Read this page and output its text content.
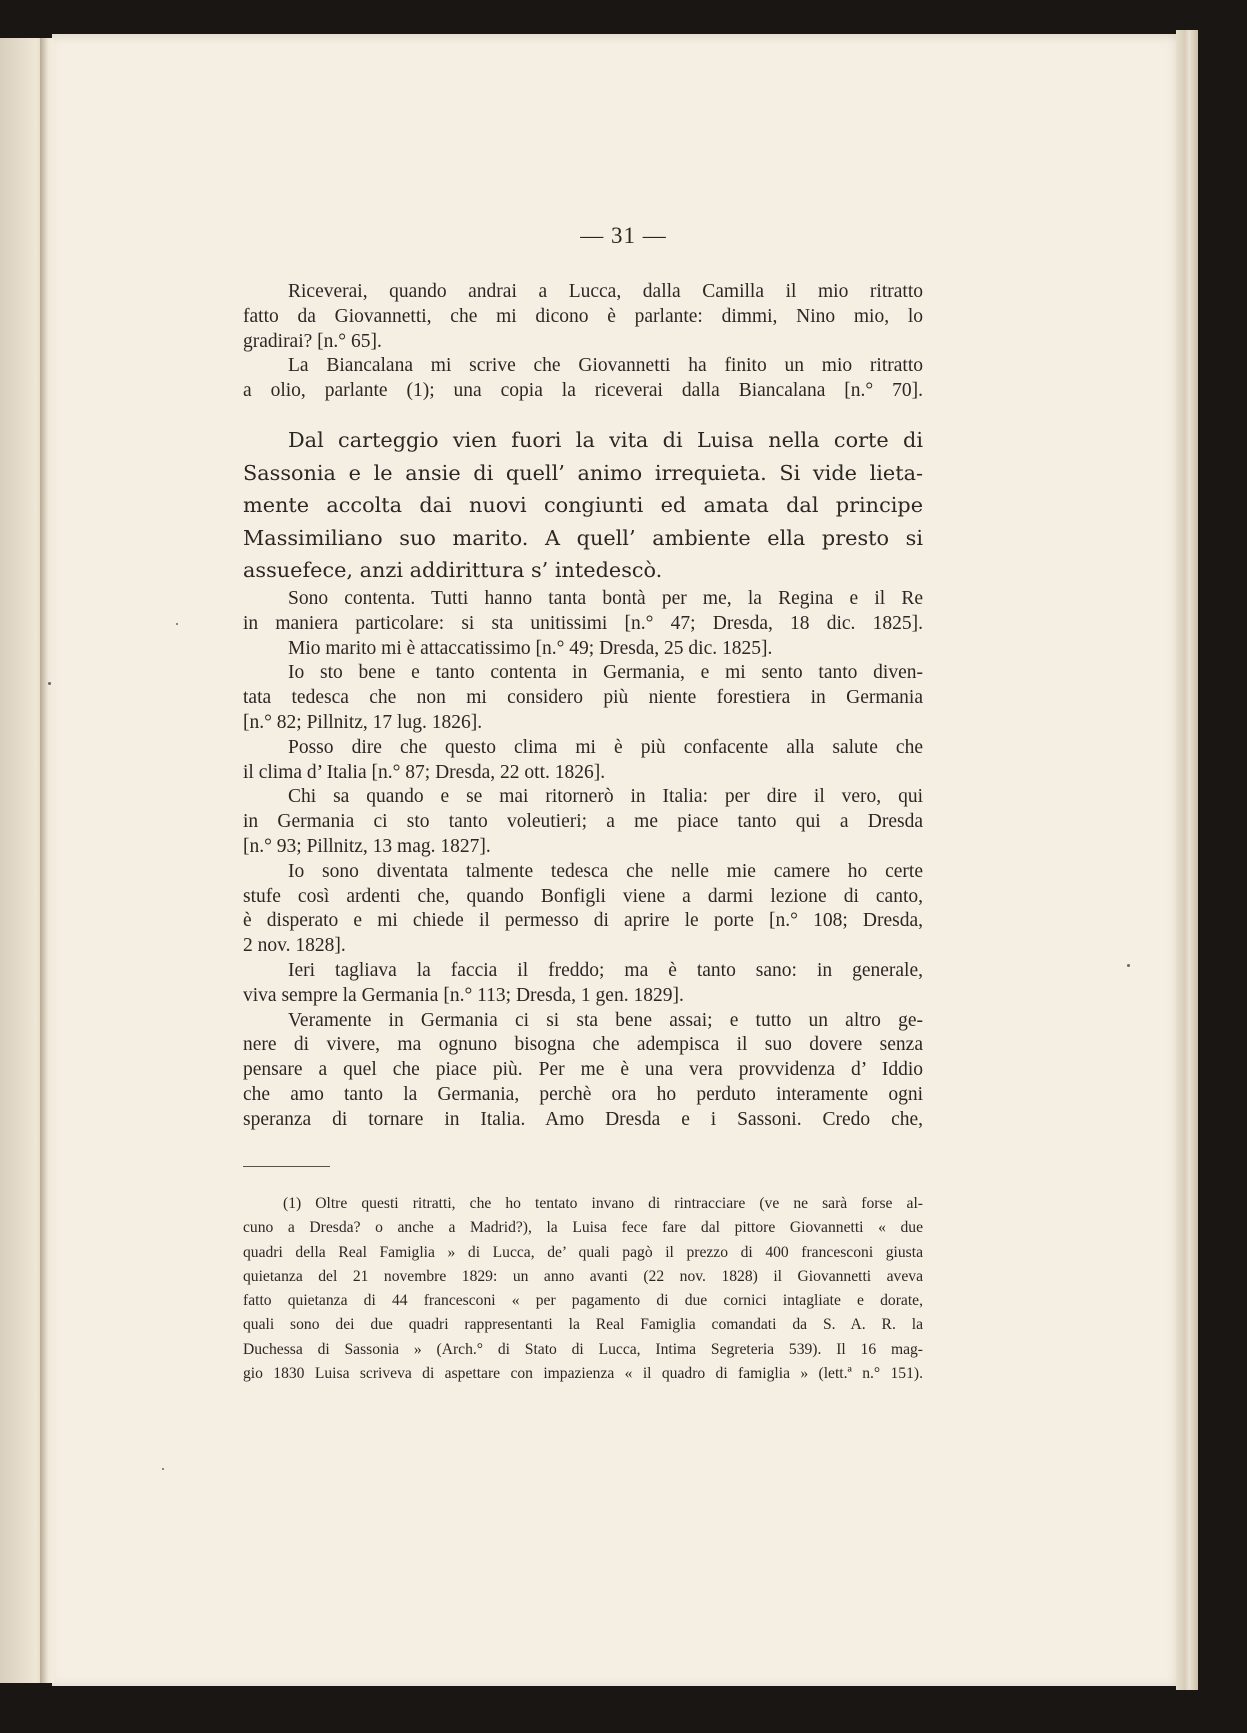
— 31 —
Riceverai, quando andrai a Lucca, dalla Camilla il mio ritratto
fatto da Giovannetti, che mi dicono è parlante: dimmi, Nino mio, lo
gradirai? [n.° 65].
La Biancalana mi scrive che Giovannetti ha finito un mio ritratto
a olio, parlante (1); una copia la riceverai dalla Biancalana [n.° 70].
Dal carteggio vien fuori la vita di Luisa nella corte di
Sassonia e le ansie di quell’ animo irrequieta. Si vide lieta-
mente accolta dai nuovi congiunti ed amata dal principe
Massimiliano suo marito. A quell’ ambiente ella presto si
assuefece, anzi addirittura s’ intedescò.
Sono contenta. Tutti hanno tanta bontà per me, la Regina e il Re
in maniera particolare: si sta unitissimi [n.° 47; Dresda, 18 dic. 1825].
Mio marito mi è attaccatissimo [n.° 49; Dresda, 25 dic. 1825].
Io sto bene e tanto contenta in Germania, e mi sento tanto diven-
tata tedesca che non mi considero più niente forestiera in Germania
[n.° 82; Pillnitz, 17 lug. 1826].
Posso dire che questo clima mi è più confacente alla salute che
il clima d’ Italia [n.° 87; Dresda, 22 ott. 1826].
Chi sa quando e se mai ritornerò in Italia: per dire il vero, qui
in Germania ci sto tanto voleutieri; a me piace tanto qui a Dresda
[n.° 93; Pillnitz, 13 mag. 1827].
Io sono diventata talmente tedesca che nelle mie camere ho certe
stufe così ardenti che, quando Bonfigli viene a darmi lezione di canto,
è disperato e mi chiede il permesso di aprire le porte [n.° 108; Dresda,
2 nov. 1828].
Ieri tagliava la faccia il freddo; ma è tanto sano: in generale,
viva sempre la Germania [n.° 113; Dresda, 1 gen. 1829].
Veramente in Germania ci si sta bene assai; e tutto un altro ge-
nere di vivere, ma ognuno bisogna che adempisca il suo dovere senza
pensare a quel che piace più. Per me è una vera provvidenza d’ Iddio
che amo tanto la Germania, perchè ora ho perduto interamente ogni
speranza di tornare in Italia. Amo Dresda e i Sassoni. Credo che,
(1) Oltre questi ritratti, che ho tentato invano di rintracciare (ve ne sarà forse al-
cuno a Dresda? o anche a Madrid?), la Luisa fece fare dal pittore Giovannetti « due
quadri della Real Famiglia » di Lucca, de’ quali pagò il prezzo di 400 francesconi giusta
quietanza del 21 novembre 1829: un anno avanti (22 nov. 1828) il Giovannetti aveva
fatto quietanza di 44 francesconi « per pagamento di due cornici intagliate e dorate,
quali sono dei due quadri rappresentanti la Real Famiglia comandati da S. A. R. la
Duchessa di Sassonia » (Arch.° di Stato di Lucca, Intima Segreteria 539). Il 16 mag-
gio 1830 Luisa scriveva di aspettare con impazienza « il quadro di famiglia » (lett.ª n.° 151).
